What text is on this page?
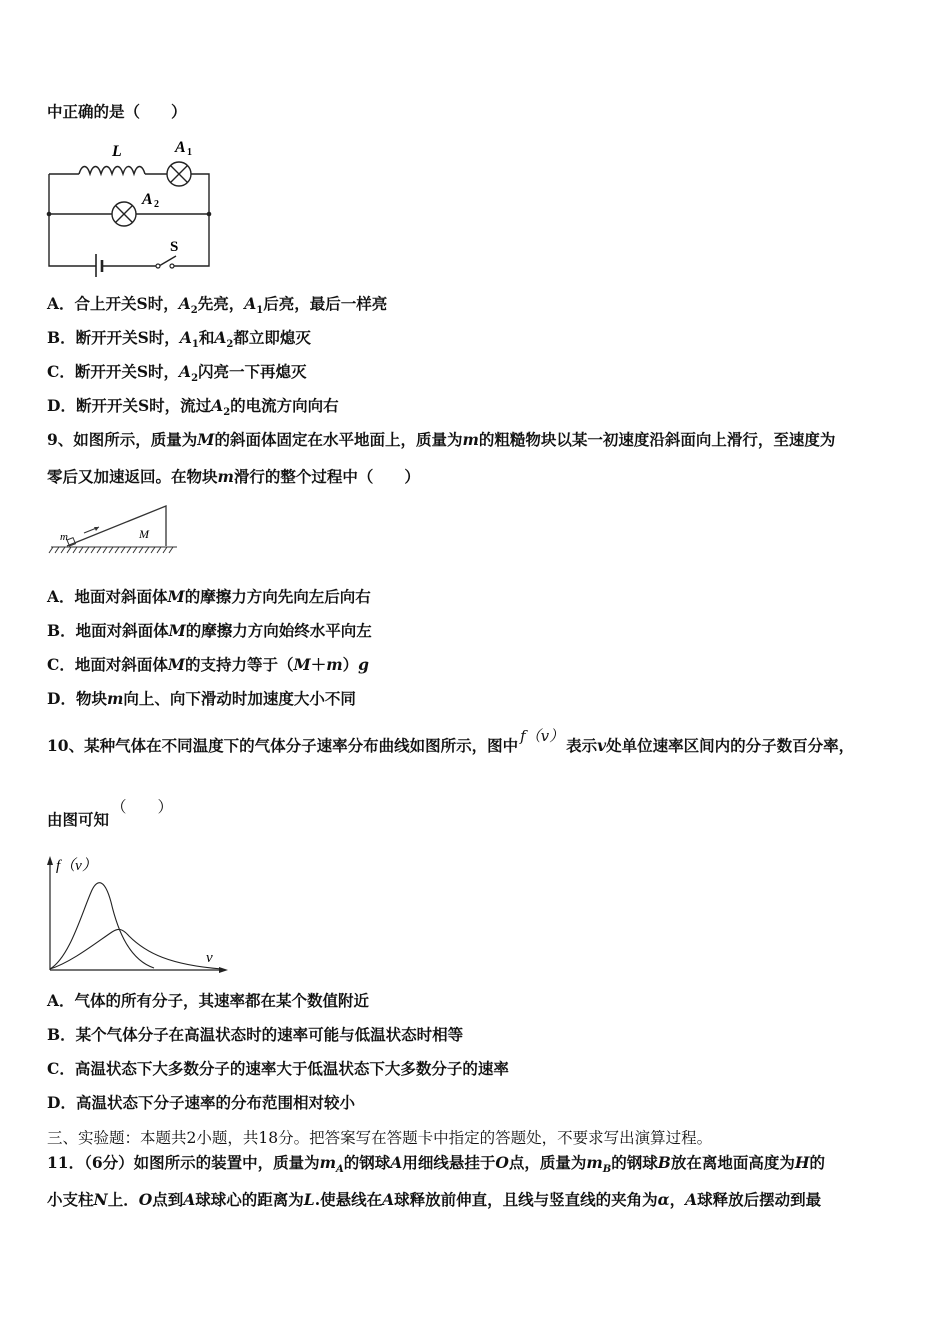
中正确的是（　　）
L	A 1
A 2
S
A．合上开关S时，$A_2$先亮，$A_1$后亮，最后一样亮
B．断开开关S时，$A_1$和$A_2$都立即熄灭
C．断开开关S时，$A_2$闪亮一下再熄灭
D．断开开关S时，流过$A_2$的电流方向向右
9、如图所示，质量为M的斜面体固定在水平地面上，质量为m的粗糙物块以某一初速度沿斜面向上滑行，至速度为
零后又加速返回。在物块m滑行的整个过程中（　　）
m	M
A．地面对斜面体M的摩擦力方向先向左后向右
B．地面对斜面体M的摩擦力方向始终水平向左
C．地面对斜面体M的支持力等于（M＋m）g
D．物块m向上、向下滑动时加速度大小不同
10、某种气体在不同温度下的气体分子速率分布曲线如图所示，图中 f（v） 表示v处单位速率区间内的分子数百分率，
由图可知（　　）
f（v）
v
A．气体的所有分子，其速率都在某个数值附近
B．某个气体分子在高温状态时的速率可能与低温状态时相等
C．高温状态下大多数分子的速率大于低温状态下大多数分子的速率
D．高温状态下分子速率的分布范围相对较小
三、实验题：本题共2小题，共18分。把答案写在答题卡中指定的答题处，不要求写出演算过程。
11．（6分）如图所示的装置中，质量为$m_A$的钢球A用细线悬挂于O点，质量为$m_B$的钢球B放在离地面高度为H的
小支柱N上．O点到A球球心的距离为L.使悬线在A球释放前伸直，且线与竖直线的夹角为α，A球释放后摆动到最
